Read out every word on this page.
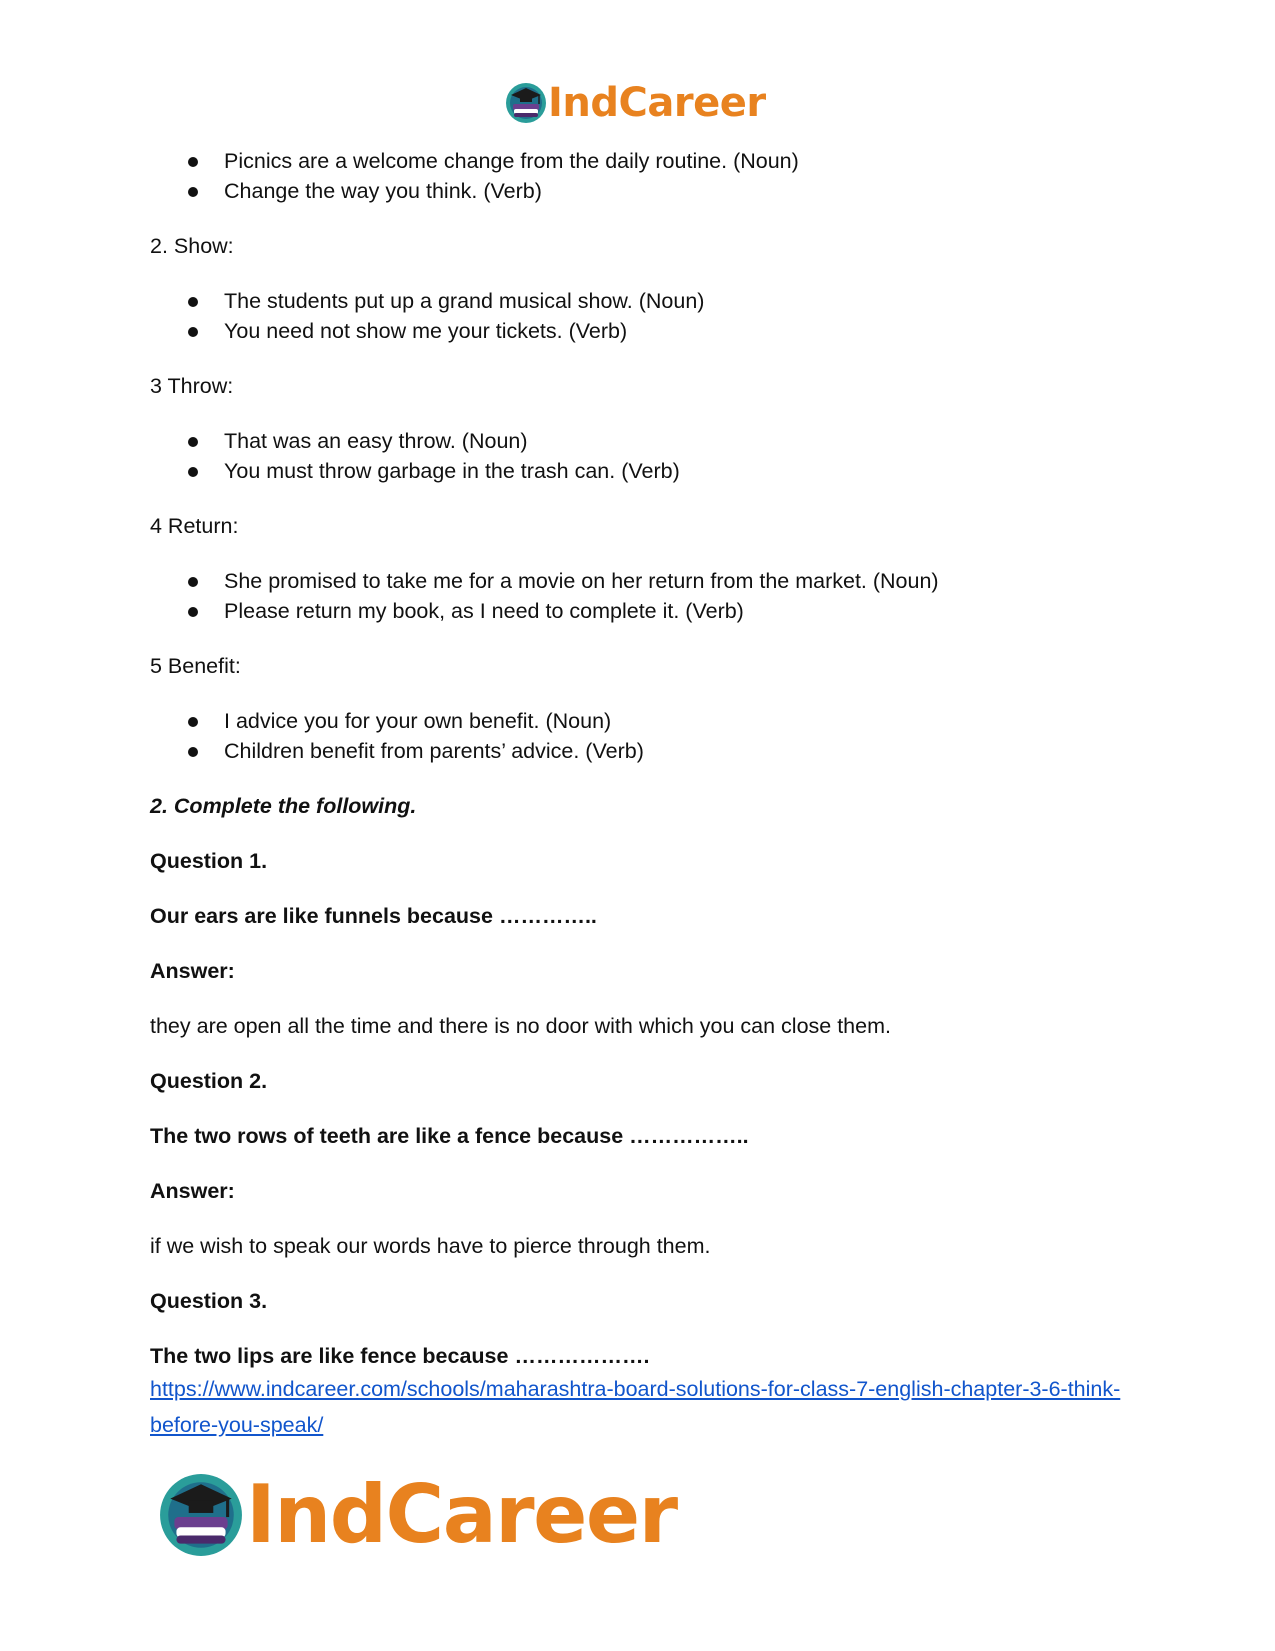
IndCareer
Picnics are a welcome change from the daily routine. (Noun)
Change the way you think. (Verb)
2. Show:
The students put up a grand musical show. (Noun)
You need not show me your tickets. (Verb)
3 Throw:
That was an easy throw. (Noun)
You must throw garbage in the trash can. (Verb)
4 Return:
She promised to take me for a movie on her return from the market. (Noun)
Please return my book, as I need to complete it. (Verb)
5 Benefit:
I advice you for your own benefit. (Noun)
Children benefit from parents’ advice. (Verb)
2. Complete the following.
Question 1.
Our ears are like funnels because …………..
Answer:
they are open all the time and there is no door with which you can close them.
Question 2.
The two rows of teeth are like a fence because ……………..
Answer:
if we wish to speak our words have to pierce through them.
Question 3.
The two lips are like fence because ……………….
https://www.indcareer.com/schools/maharashtra-board-solutions-for-class-7-english-chapter-3-6-think-before-you-speak/
IndCareer
